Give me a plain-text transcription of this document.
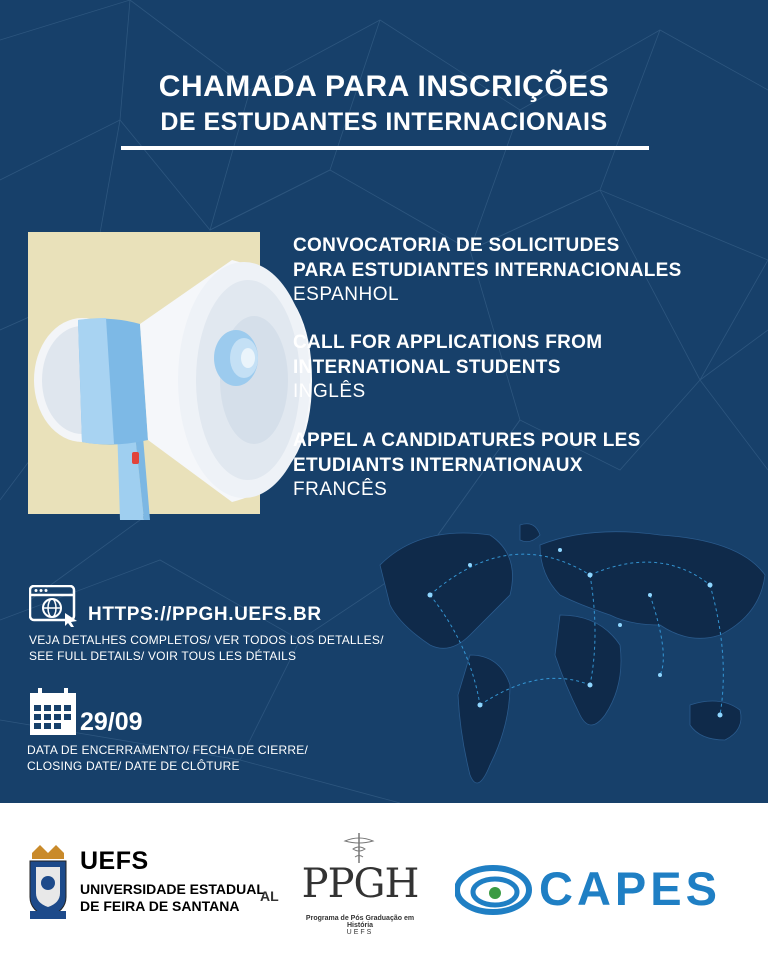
CHAMADA PARA INSCRIÇÕES
DE ESTUDANTES INTERNACIONAIS
CONVOCATORIA DE SOLICITUDES
PARA ESTUDIANTES INTERNACIONALES
ESPANHOL
CALL FOR APPLICATIONS FROM
INTERNATIONAL STUDENTS
INGLÊS
APPEL A CANDIDATURES POUR LES
ETUDIANTS INTERNATIONAUX
FRANCÊS
HTTPS://PPGH.UEFS.BR
VEJA DETALHES COMPLETOS/ VER TODOS LOS DETALLES/
SEE FULL DETAILS/ VOIR TOUS LES DÉTAILS
29/09
DATA DE ENCERRAMENTO/ FECHA DE CIERRE/
CLOSING DATE/ DATE DE CLÔTURE
UEFS
UNIVERSIDADE ESTADUAL
DE FEIRA DE SANTANA
AL PPGH
Programa de Pós Graduação em História
UEFS
CAPES
